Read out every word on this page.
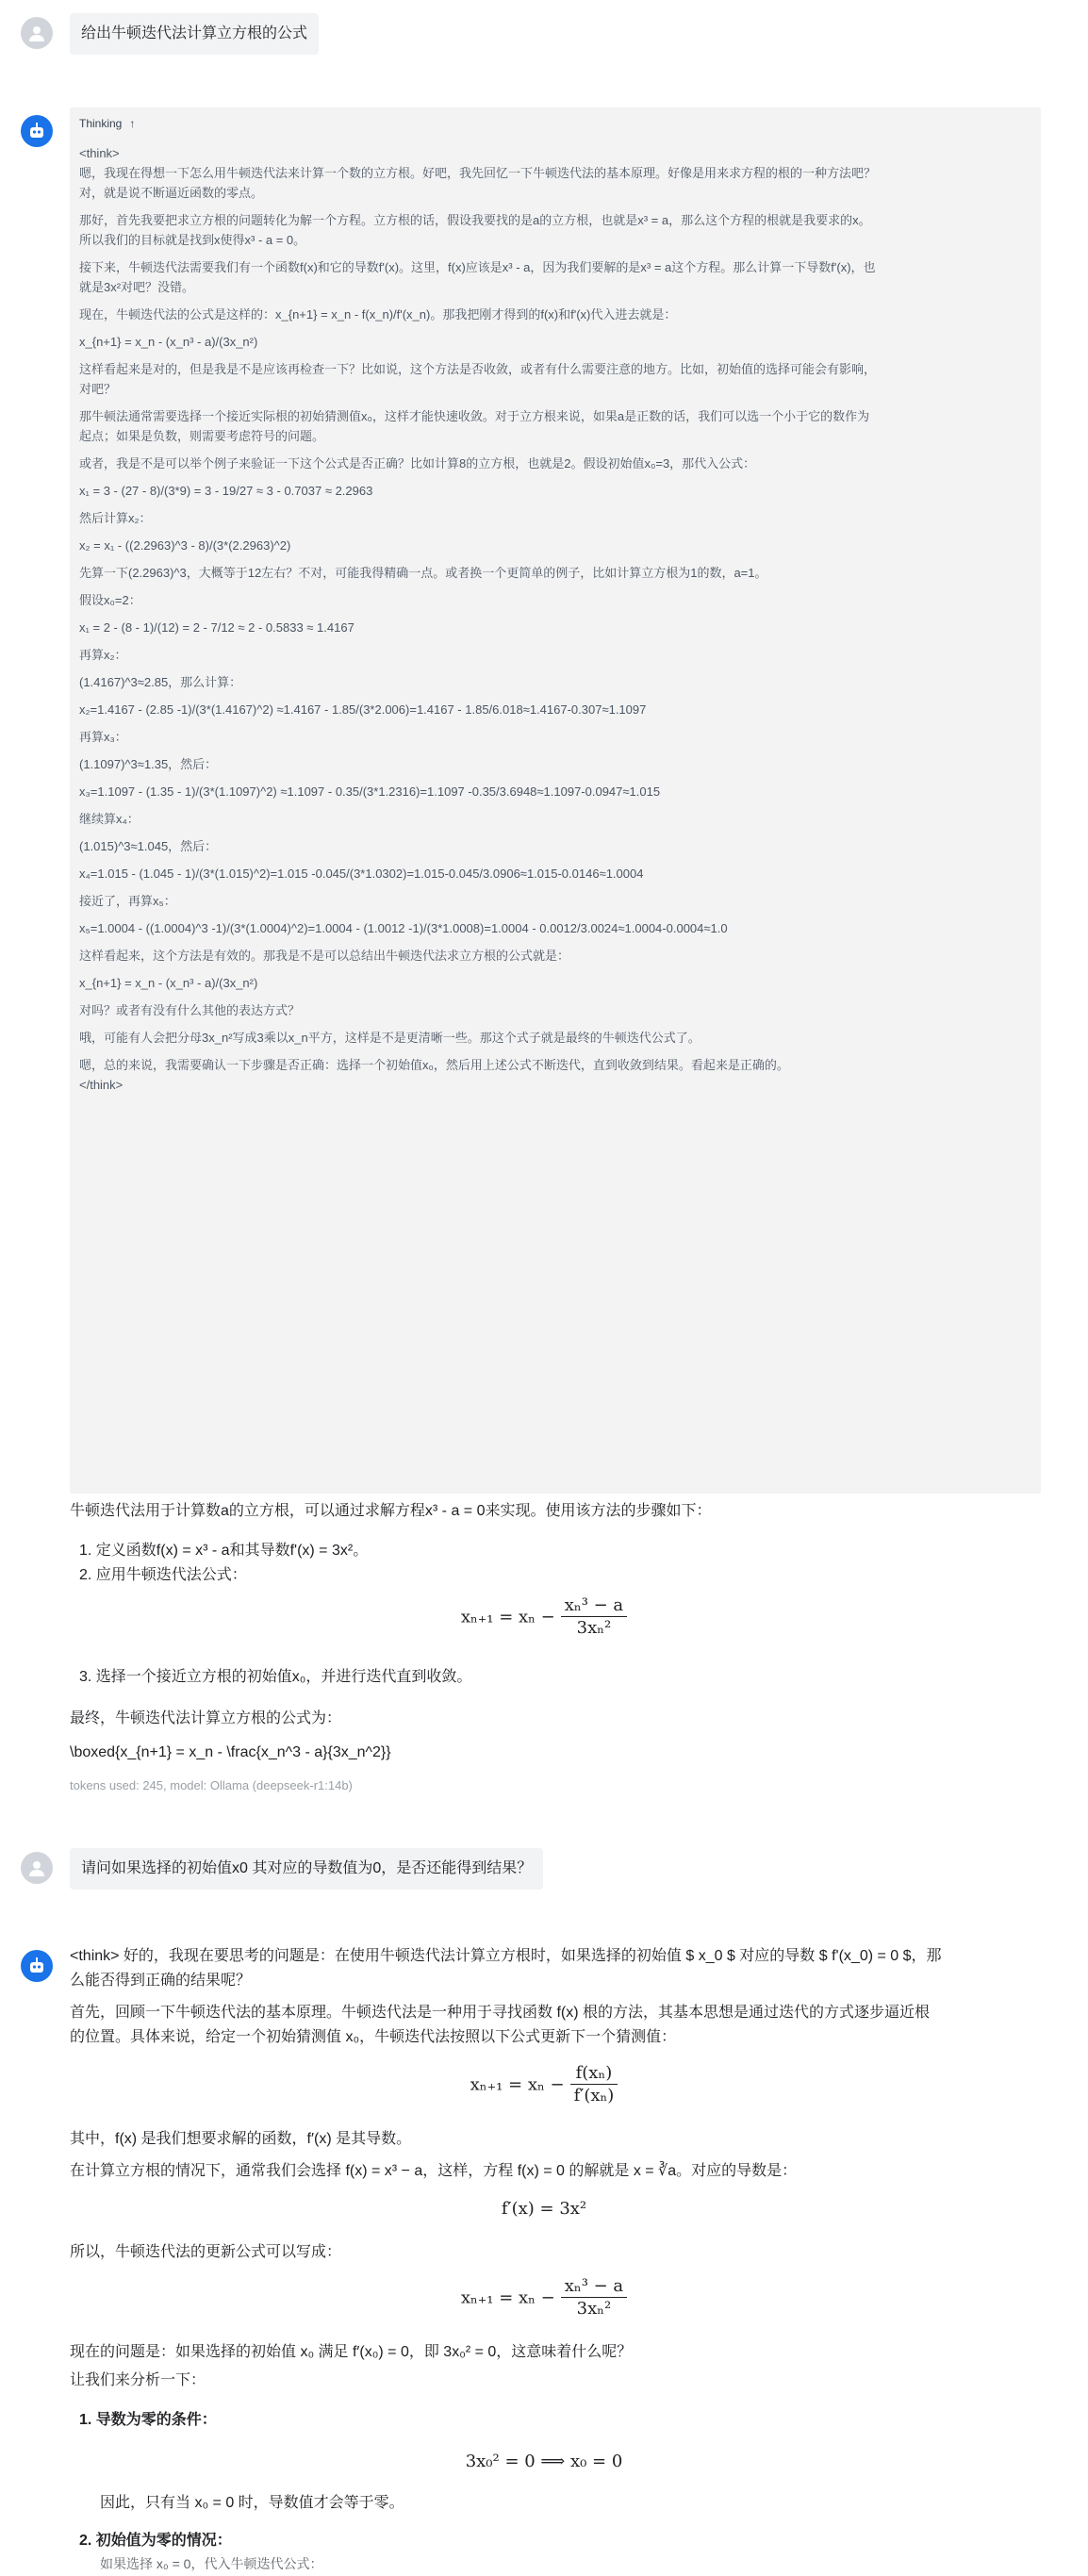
给出牛顿迭代法计算立方根的公式
Thinking ↑
<think>
嗯，我现在得想一下怎么用牛顿迭代法来计算一个数的立方根。好吧，我先回忆一下牛顿迭代法的基本原理。好像是用来求方程的根的一种方法吧？
对，就是说不断逼近函数的零点。
那好，首先我要把求立方根的问题转化为解一个方程。立方根的话，假设我要找的是a的立方根，也就是x³ = a，那么这个方程的根就是我要求的x。
所以我们的目标就是找到x使得x³ - a = 0。
接下来，牛顿迭代法需要我们有一个函数f(x)和它的导数f'(x)。这里，f(x)应该是x³ - a，因为我们要解的是x³ = a这个方程。那么计算一下导数f'(x)，也
就是3x²对吧？没错。
现在，牛顿迭代法的公式是这样的：x_{n+1} = x_n - f(x_n)/f'(x_n)。那我把刚才得到的f(x)和f'(x)代入进去就是：
x_{n+1} = x_n - (x_n³ - a)/(3x_n²)
这样看起来是对的，但是我是不是应该再检查一下？比如说，这个方法是否收敛，或者有什么需要注意的地方。比如，初始值的选择可能会有影响，
对吧？
那牛顿法通常需要选择一个接近实际根的初始猜测值x₀，这样才能快速收敛。对于立方根来说，如果a是正数的话，我们可以选一个小于它的数作为
起点；如果是负数，则需要考虑符号的问题。
或者，我是不是可以举个例子来验证一下这个公式是否正确？比如计算8的立方根，也就是2。假设初始值x₀=3，那代入公式：
x₁ = 3 - (27 - 8)/(3*9) = 3 - 19/27 ≈ 3 - 0.7037 ≈ 2.2963
然后计算x₂：
x₂ = x₁ - ((2.2963)^3 - 8)/(3*(2.2963)^2)
先算一下(2.2963)^3，大概等于12左右？不对，可能我得精确一点。或者换一个更简单的例子，比如计算立方根为1的数，a=1。
假设x₀=2：
x₁ = 2 - (8 - 1)/(12) = 2 - 7/12 ≈ 2 - 0.5833 ≈ 1.4167
再算x₂：
(1.4167)^3≈2.85，那么计算：
x₂=1.4167 - (2.85 -1)/(3*(1.4167)^2) ≈1.4167 - 1.85/(3*2.006)=1.4167 - 1.85/6.018≈1.4167-0.307≈1.1097
再算x₃：
(1.1097)^3≈1.35，然后：
x₃=1.1097 - (1.35 - 1)/(3*(1.1097)^2) ≈1.1097 - 0.35/(3*1.2316)=1.1097 -0.35/3.6948≈1.1097-0.0947≈1.015
继续算x₄：
(1.015)^3≈1.045，然后：
x₄=1.015 - (1.045 - 1)/(3*(1.015)^2)=1.015 -0.045/(3*1.0302)=1.015-0.045/3.0906≈1.015-0.0146≈1.0004
接近了，再算x₅：
x₅=1.0004 - ((1.0004)^3 -1)/(3*(1.0004)^2)=1.0004 - (1.0012 -1)/(3*1.0008)=1.0004 - 0.0012/3.0024≈1.0004-0.0004≈1.0
这样看起来，这个方法是有效的。那我是不是可以总结出牛顿迭代法求立方根的公式就是：
x_{n+1} = x_n - (x_n³ - a)/(3x_n²)
对吗？或者有没有什么其他的表达方式？
哦，可能有人会把分母3x_n²写成3乘以x_n平方，这样是不是更清晰一些。那这个式子就是最终的牛顿迭代公式了。
嗯，总的来说，我需要确认一下步骤是否正确：选择一个初始值x₀，然后用上述公式不断迭代，直到收敛到结果。看起来是正确的。
</think>
牛顿迭代法用于计算数a的立方根，可以通过求解方程x³ - a = 0来实现。使用该方法的步骤如下：
1. 定义函数f(x) = x³ - a和其导数f'(x) = 3x²。
2. 应用牛顿迭代法公式：
$x_{n+1} = x_n - \frac{\text{xₙ³ − a}}{\text{3xₙ²}}$
3. 选择一个接近立方根的初始值x₀，并进行迭代直到收敛。
最终，牛顿迭代法计算立方根的公式为：
\boxed{x_{n+1} = x_n - \frac{x_n^3 - a}{3x_n^2}}
tokens used: 245, model: Ollama (deepseek-r1:14b)
请问如果选择的初始值x0 其对应的导数值为0，是否还能得到结果？
<think> 好的，我现在要思考的问题是：在使用牛顿迭代法计算立方根时，如果选择的初始值 $ x_0 $ 对应的导数 $ f'(x_0) = 0 $，那
么能否得到正确的结果呢？
首先，回顾一下牛顿迭代法的基本原理。牛顿迭代法是一种用于寻找函数 f(x) 根的方法，其基本思想是通过迭代的方式逐步逼近根
的位置。具体来说，给定一个初始猜测值 x₀，牛顿迭代法按照以下公式更新下一个猜测值：
$x_{n+1} = x_n - \frac{\text{f(xₙ)}}{\text{f′(xₙ)}}$
其中，f(x) 是我们想要求解的函数，f′(x) 是其导数。
在计算立方根的情况下，通常我们会选择 f(x) = x³ − a，这样，方程 f(x) = 0 的解就是 x = ∛a。对应的导数是：
f′(x) = 3x²
所以，牛顿迭代法的更新公式可以写成：
$x_{n+1} = x_n - \frac{\text{xₙ³ − a}}{\text{3xₙ²}}$
现在的问题是：如果选择的初始值 x₀ 满足 f′(x₀) = 0，即 3x₀² = 0，这意味着什么呢？
让我们来分析一下：
1. 导数为零的条件：
3x₀² = 0 ⟹ x₀ = 0
因此，只有当 x₀ = 0 时，导数值才会等于零。
2. 初始值为零的情况：
如果选择 x₀ = 0，代入牛顿迭代公式：
